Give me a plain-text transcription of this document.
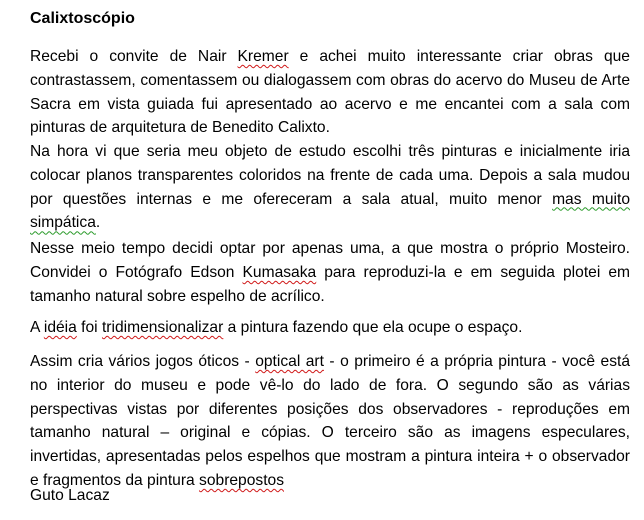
Calixtoscópio

Recebi o convite de Nair Kremer e achei muito interessante criar obras que contrastassem, comentassem ou dialogassem com obras do acervo do Museu de Arte Sacra em vista guiada fui apresentado ao acervo e me encantei com a sala com pinturas de arquitetura de Benedito Calixto.

Na hora vi que seria meu objeto de estudo escolhi três pinturas e inicialmente iria colocar planos transparentes coloridos na frente de cada uma. Depois a sala mudou por questões internas e me ofereceram a sala atual, muito menor mas muito simpática.

Nesse meio tempo decidi optar por apenas uma, a que mostra o próprio Mosteiro. Convidei o Fotógrafo Edson Kumasaka para reproduzi-la e em seguida plotei em tamanho natural sobre espelho de acrílico.

A idéia foi tridimensionalizar a pintura fazendo que ela ocupe o espaço.

Assim cria vários jogos óticos - optical art - o primeiro é a própria pintura - você está no interior do museu e pode vê-lo do lado de fora. O segundo são as várias perspectivas vistas por diferentes posições dos observadores - reproduções em tamanho natural – original e cópias. O terceiro são as imagens especulares, invertidas, apresentadas pelos espelhos que mostram a pintura inteira + o observador e fragmentos da pintura sobrepostos

Guto Lacaz
